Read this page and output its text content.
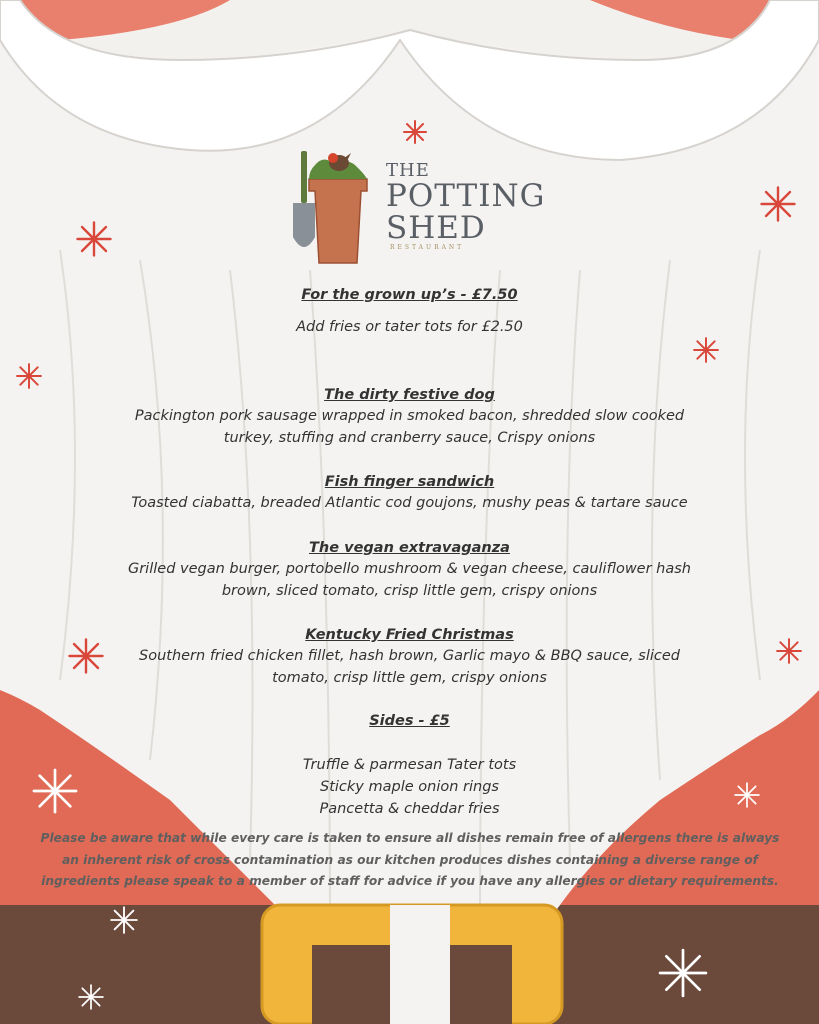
THE
POTTING
SHED
RESTAURANT
For the grown up’s - £7.50
Add fries or tater tots for £2.50
The dirty festive dog
Packington pork sausage wrapped in smoked bacon, shredded slow cooked
turkey, stuffing and cranberry sauce, Crispy onions
Fish finger sandwich
Toasted ciabatta, breaded Atlantic cod goujons, mushy peas & tartare sauce
The vegan extravaganza
Grilled vegan burger, portobello mushroom & vegan cheese, cauliflower hash
brown, sliced tomato, crisp little gem, crispy onions
Kentucky Fried Christmas
Southern fried chicken fillet, hash brown, Garlic mayo & BBQ sauce, sliced
tomato, crisp little gem, crispy onions
Sides - £5
Truffle & parmesan Tater tots
Sticky maple onion rings
Pancetta & cheddar fries
Please be aware that while every care is taken to ensure all dishes remain free of allergens there is always
an inherent risk of cross contamination as our kitchen produces dishes containing a diverse range of
ingredients please speak to a member of staff for advice if you have any allergies or dietary requirements.
